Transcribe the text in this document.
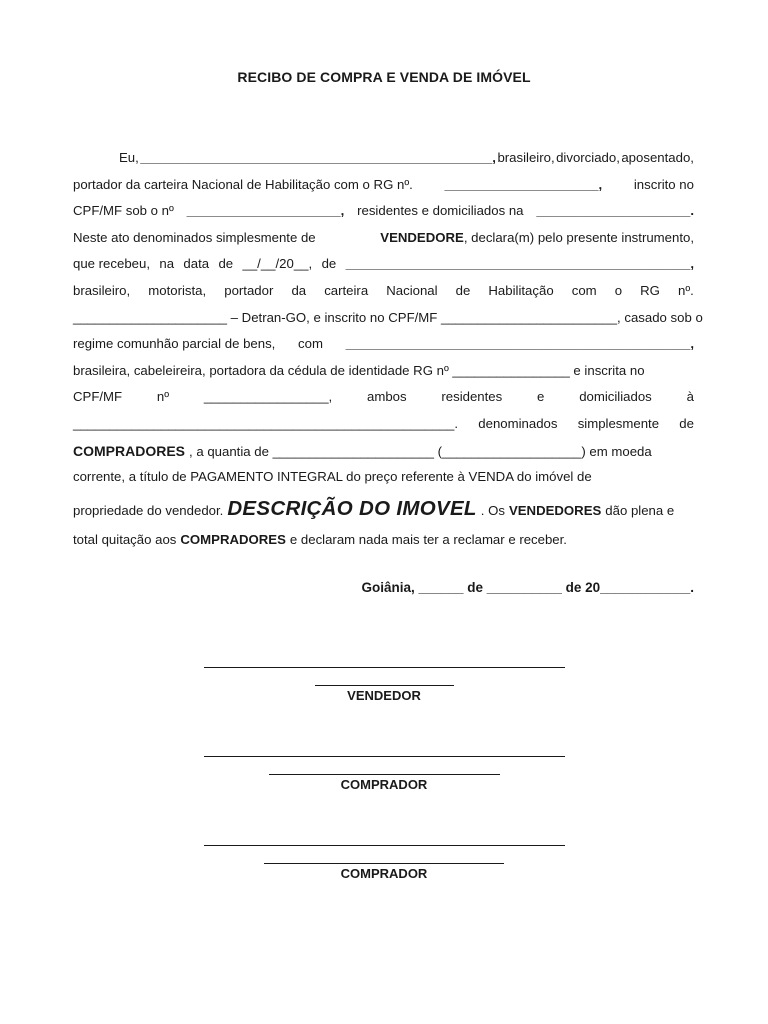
RECIBO DE COMPRA E VENDA DE IMÓVEL
Eu, ________________________________________________, brasileiro, divorciado, aposentado,
portador da carteira Nacional de Habilitação com o RG nº. _____________________, inscrito no
CPF/MF sob o nº _____________________, residentes e domiciliados na _____________________.
Neste ato denominados simplesmente de	VENDEDORE, declara(m) pelo presente instrumento,
que recebeu, na data de __/__/20__, de _______________________________________________,
brasileiro, motorista, portador da carteira Nacional de Habilitação com o RG nº.
_____________________ – Detran-GO, e inscrito no CPF/MF ________________________, casado sob o
regime comunhão parcial de bens, com _______________________________________________,
brasileira, cabeleireira, portadora da cédula de identidade RG nº ________________ e inscrita no
CPF/MF	nº	_________________,	ambos	residentes	e	domiciliados	à
____________________________________________________. denominados simplesmente de
COMPRADORES , a quantia de ______________________ (___________________) em moeda
corrente, a título de PAGAMENTO INTEGRAL do preço referente à VENDA do imóvel de
propriedade do vendedor. DESCRIÇÃO DO IMOVEL . Os VENDEDORES dão plena e
total quitação aos COMPRADORES e declaram nada mais ter a reclamar e receber.
Goiânia, ______ de __________ de 20____________.
VENDEDOR
COMPRADOR
COMPRADOR
